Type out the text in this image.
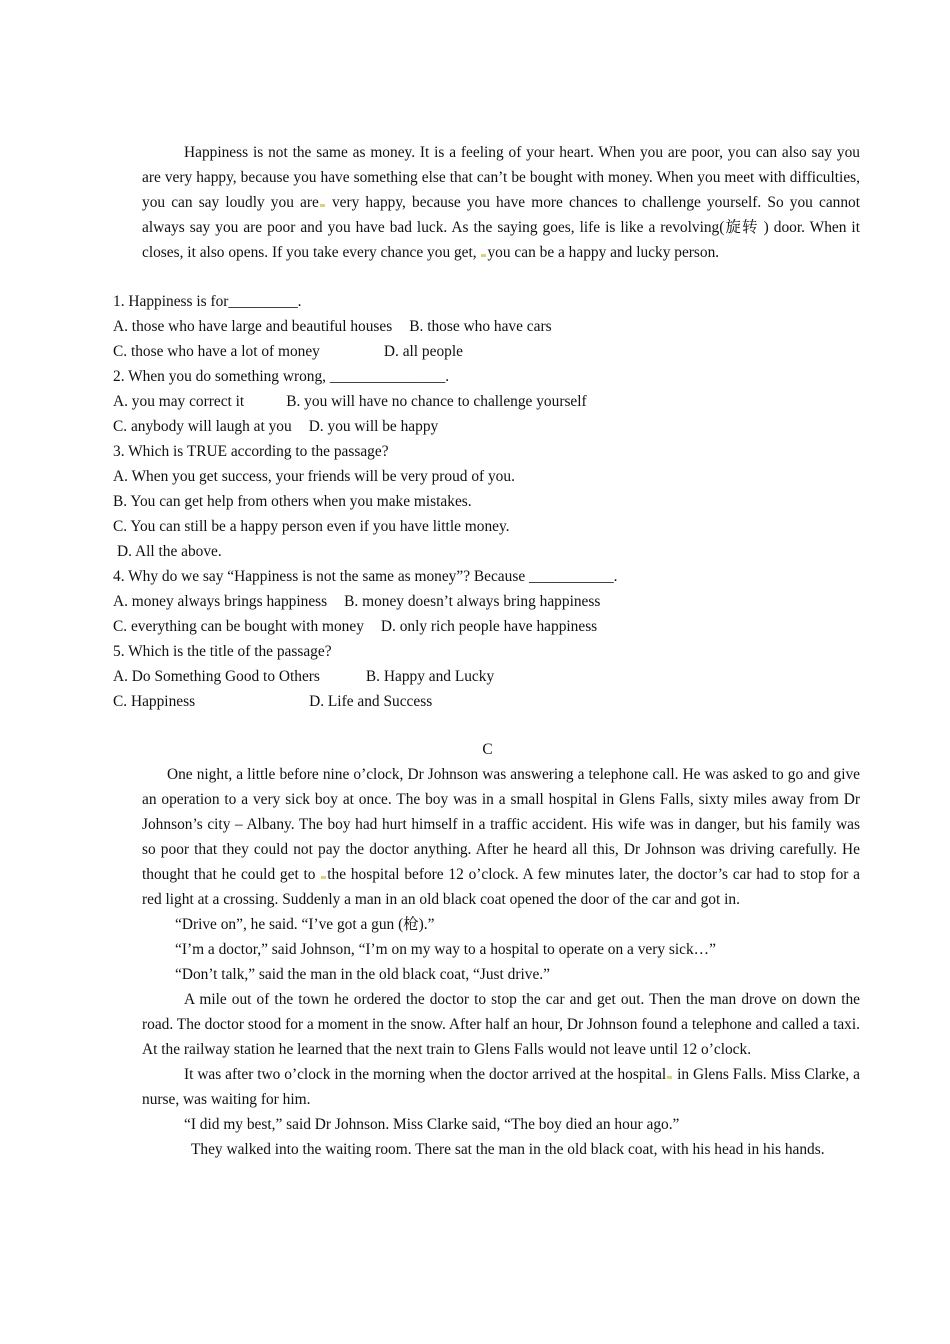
Happiness is not the same as money. It is a feeling of your heart. When you are poor, you can also say you are very happy, because you have something else that can’t be bought with money. When you meet with difficulties, you can say loudly you are very happy, because you have more chances to challenge yourself. So you cannot always say you are poor and you have bad luck. As the saying goes, life is like a revolving(旋转 ) door. When it closes, it also opens. If you take every chance you get, you can be a happy and lucky person.

1. Happiness is for_________.
A. those who have large and beautiful houses B. those who have cars
C. those who have a lot of money	D. all people
2. When you do something wrong, _______________.
A. you may correct it	B. you will have no chance to challenge yourself
C. anybody will laugh at you D. you will be happy
3. Which is TRUE according to the passage?
A. When you get success, your friends will be very proud of you.
B. You can get help from others when you make mistakes.
C. You can still be a happy person even if you have little money.
D. All the above.
4. Why do we say “Happiness is not the same as money”? Because ___________.
A. money always brings happiness B. money doesn’t always bring happiness
C. everything can be bought with money D. only rich people have happiness
5. Which is the title of the passage?
A. Do Something Good to Others	B. Happy and Lucky
C. Happiness	D. Life and Success
C

One night, a little before nine o’clock, Dr Johnson was answering a telephone call. He was asked to go and give an operation to a very sick boy at once. The boy was in a small hospital in Glens Falls, sixty miles away from Dr Johnson’s city – Albany. The boy had hurt himself in a traffic accident. His wife was in danger, but his family was so poor that they could not pay the doctor anything. After he heard all this, Dr Johnson was driving carefully. He thought that he could get to the hospital before 12 o’clock. A few minutes later, the doctor’s car had to stop for a red light at a crossing. Suddenly a man in an old black coat opened the door of the car and got in.

“Drive on”, he said. “I’ve got a gun (枪).”

“I’m a doctor,” said Johnson, “I’m on my way to a hospital to operate on a very sick…”

“Don’t talk,” said the man in the old black coat, “Just drive.”

A mile out of the town he ordered the doctor to stop the car and get out. Then the man drove on down the road. The doctor stood for a moment in the snow. After half an hour, Dr Johnson found a telephone and called a taxi. At the railway station he learned that the next train to Glens Falls would not leave until 12 o’clock.

It was after two o’clock in the morning when the doctor arrived at the hospital in Glens Falls. Miss Clarke, a nurse, was waiting for him.

“I did my best,” said Dr Johnson. Miss Clarke said, “The boy died an hour ago.”

They walked into the waiting room. There sat the man in the old black coat, with his head in his hands.
